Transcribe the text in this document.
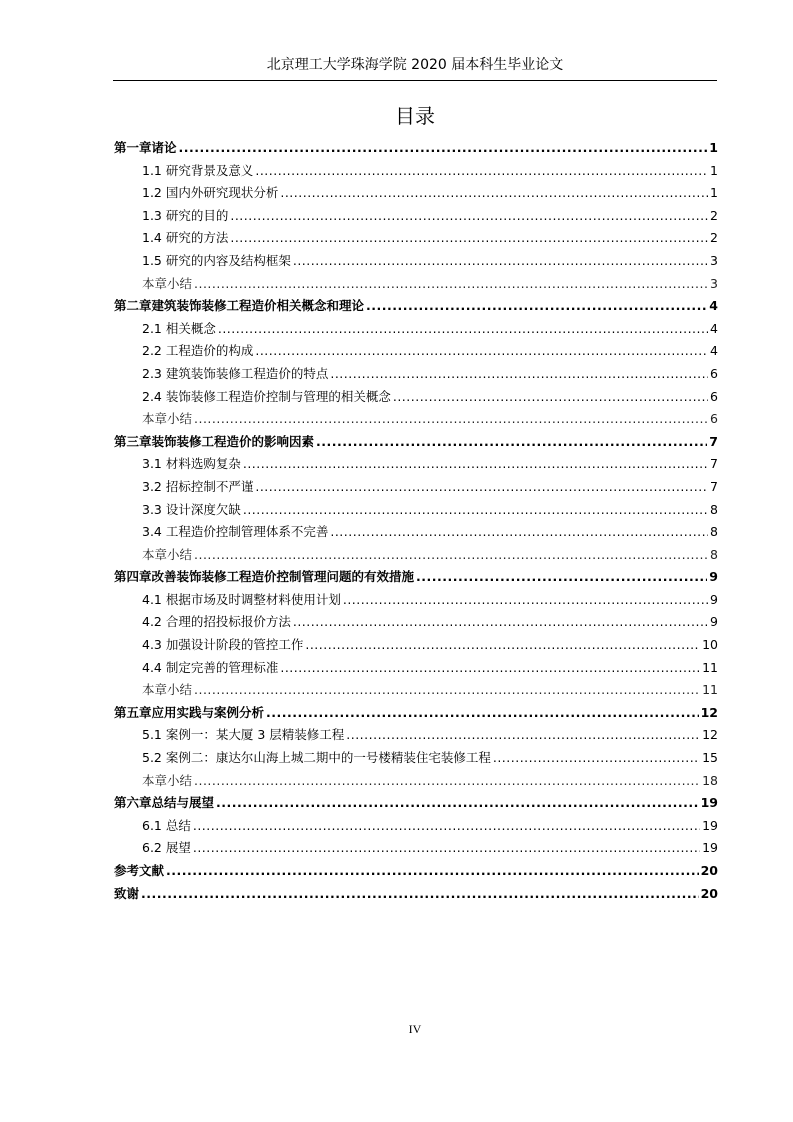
北京理工大学珠海学院 2020 届本科生毕业论文
目录
第一章诸论 .....	1
1.1 研究背景及意义 .....	1
1.2 国内外研究现状分析 .....	1
1.3 研究的目的 .....	2
1.4 研究的方法 .....	2
1.5 研究的内容及结构框架 .....	3
本章小结 .....	3
第二章建筑装饰装修工程造价相关概念和理论 .....	4
2.1 相关概念 .....	4
2.2 工程造价的构成 .....	4
2.3 建筑装饰装修工程造价的特点 .....	6
2.4 装饰装修工程造价控制与管理的相关概念 .....	6
本章小结 .....	6
第三章装饰装修工程造价的影响因素 .....	7
3.1 材料选购复杂 .....	7
3.2 招标控制不严谨 .....	7
3.3 设计深度欠缺 .....	8
3.4 工程造价控制管理体系不完善 .....	8
本章小结 .....	8
第四章改善装饰装修工程造价控制管理问题的有效措施 .....	9
4.1 根据市场及时调整材料使用计划 .....	9
4.2 合理的招投标报价方法 .....	9
4.3 加强设计阶段的管控工作 .....	10
4.4 制定完善的管理标准 .....	11
本章小结 .....	11
第五章应用实践与案例分析 .....	12
5.1 案例一：某大厦 3 层精装修工程 .....	12
5.2 案例二：康达尔山海上城二期中的一号楼精装住宅装修工程 .....	15
本章小结 .....	18
第六章总结与展望 .....	19
6.1 总结 .....	19
6.2 展望 .....	19
参考文献 .....	20
致谢 .....	20
IV
